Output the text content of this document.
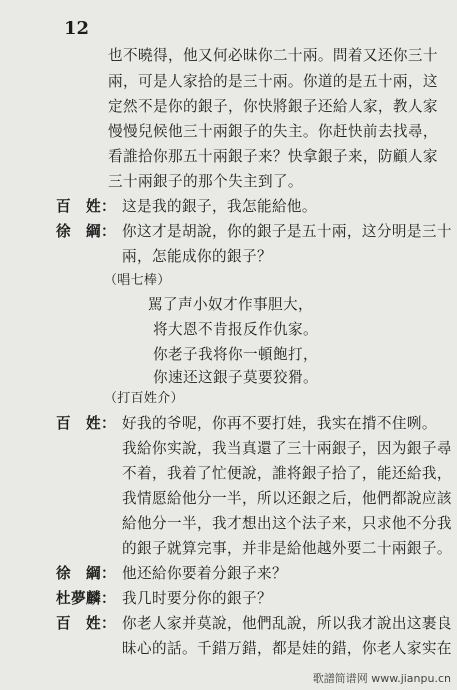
12
也不曉得，他又何必昧你二十兩。問着又还你三十
兩，可是人家拾的是三十兩。你道的是五十兩，这
定然不是你的銀子，你快將銀子还給人家，教人家
慢慢兒候他三十兩銀子的失主。你赶快前去找尋，
看誰拾你那五十兩銀子来？快拿銀子来，防顧人家
三十兩銀子的那个失主到了。
百　姓： 这是我的銀子，我怎能給他。
徐　綱： 你这才是胡說，你的銀子是五十兩，这分明是三十
兩，怎能成你的銀子？
（唱七棒）
駡了声小奴才作事胆大，
将大恩不肯报反作仇家。
你老子我将你一頓飽打，
你速还这銀子莫要狡猾。
（打百姓介）
百　姓： 好我的爷呢，你再不要打娃，我实在揹不住咧。
我給你实說，我当真還了三十兩銀子，因为銀子尋
不着，我着了忙便說，誰将銀子拾了，能还給我，
我情愿給他分一半，所以还銀之后，他們都說应該
給他分一半，我才想出这个法子来，只求他不分我
的銀子就算完事，并非是給他越外要二十兩銀子。
徐　綱： 他还給你要着分銀子来？
杜夢麟： 我几时要分你的銀子？
百　姓： 你老人家并莫說，他們乱說，所以我才說出这裹良
昧心的話。千錯万錯，都是娃的錯，你老人家实在
歌譜简谱网 www.jianpu.cn
